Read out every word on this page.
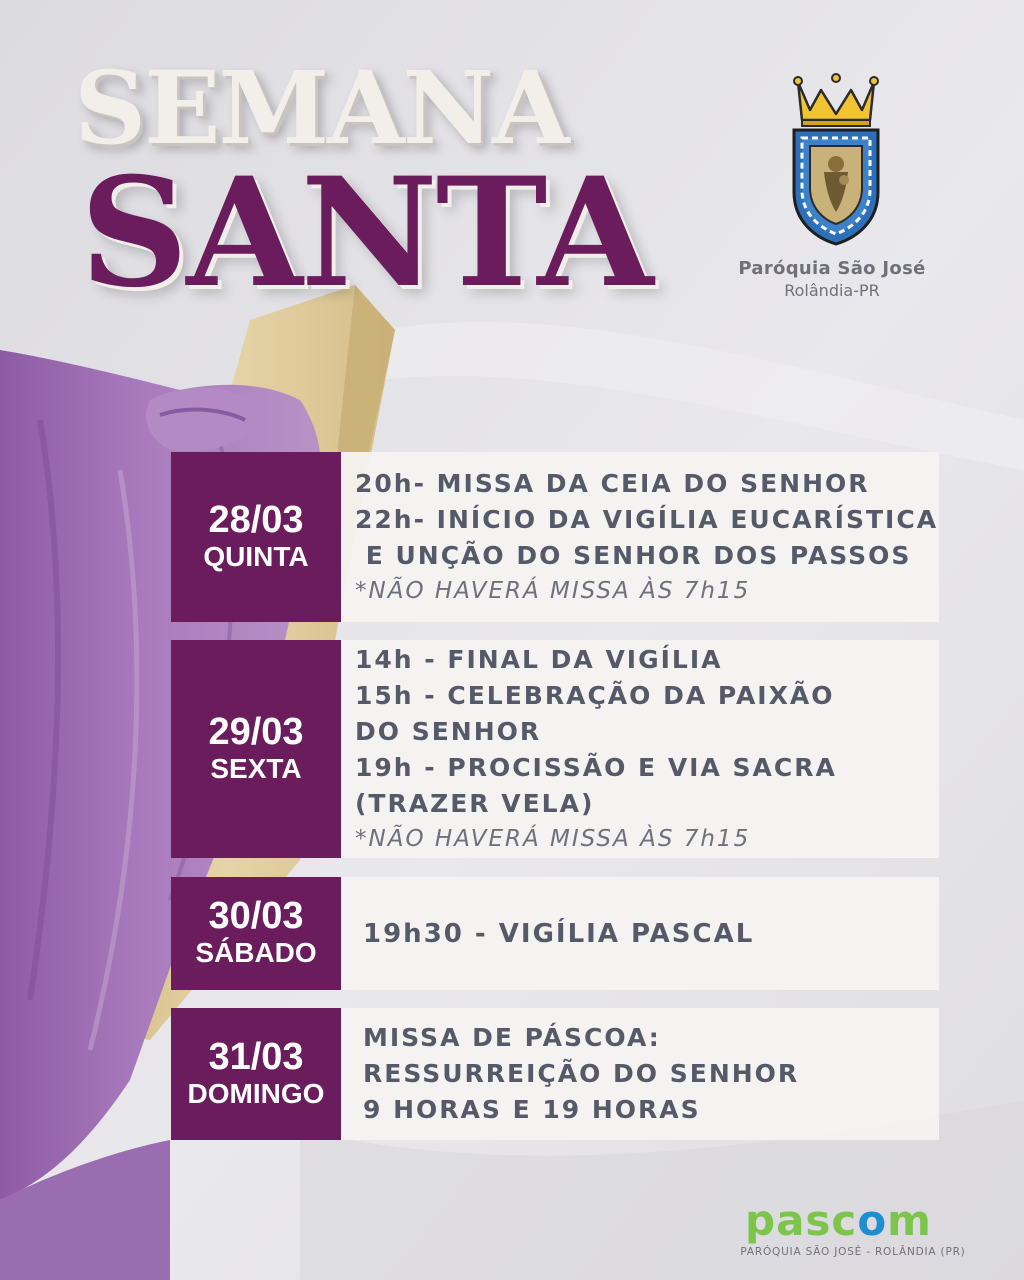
SEMANA
SANTA	Paróquia São José
Rolândia-PR
28/03
QUINTA
20h- MISSA DA CEIA DO SENHOR
22h- INÍCIO DA VIGÍLIA EUCARÍSTICA
E UNÇÃO DO SENHOR DOS PASSOS
*NÃO HAVERÁ MISSA ÀS 7h15
29/03
SEXTA
14h - FINAL DA VIGÍLIA
15h - CELEBRAÇÃO DA PAIXÃO
DO SENHOR
19h - PROCISSÃO E VIA SACRA
(TRAZER VELA)
*NÃO HAVERÁ MISSA ÀS 7h15
30/03
SÁBADO
19h30 - VIGÍLIA PASCAL
31/03
DOMINGO
MISSA DE PÁSCOA:
RESSURREIÇÃO DO SENHOR
9 HORAS E 19 HORAS
pascom
PARÓQUIA SÃO JOSÉ - ROLÂNDIA (PR)
